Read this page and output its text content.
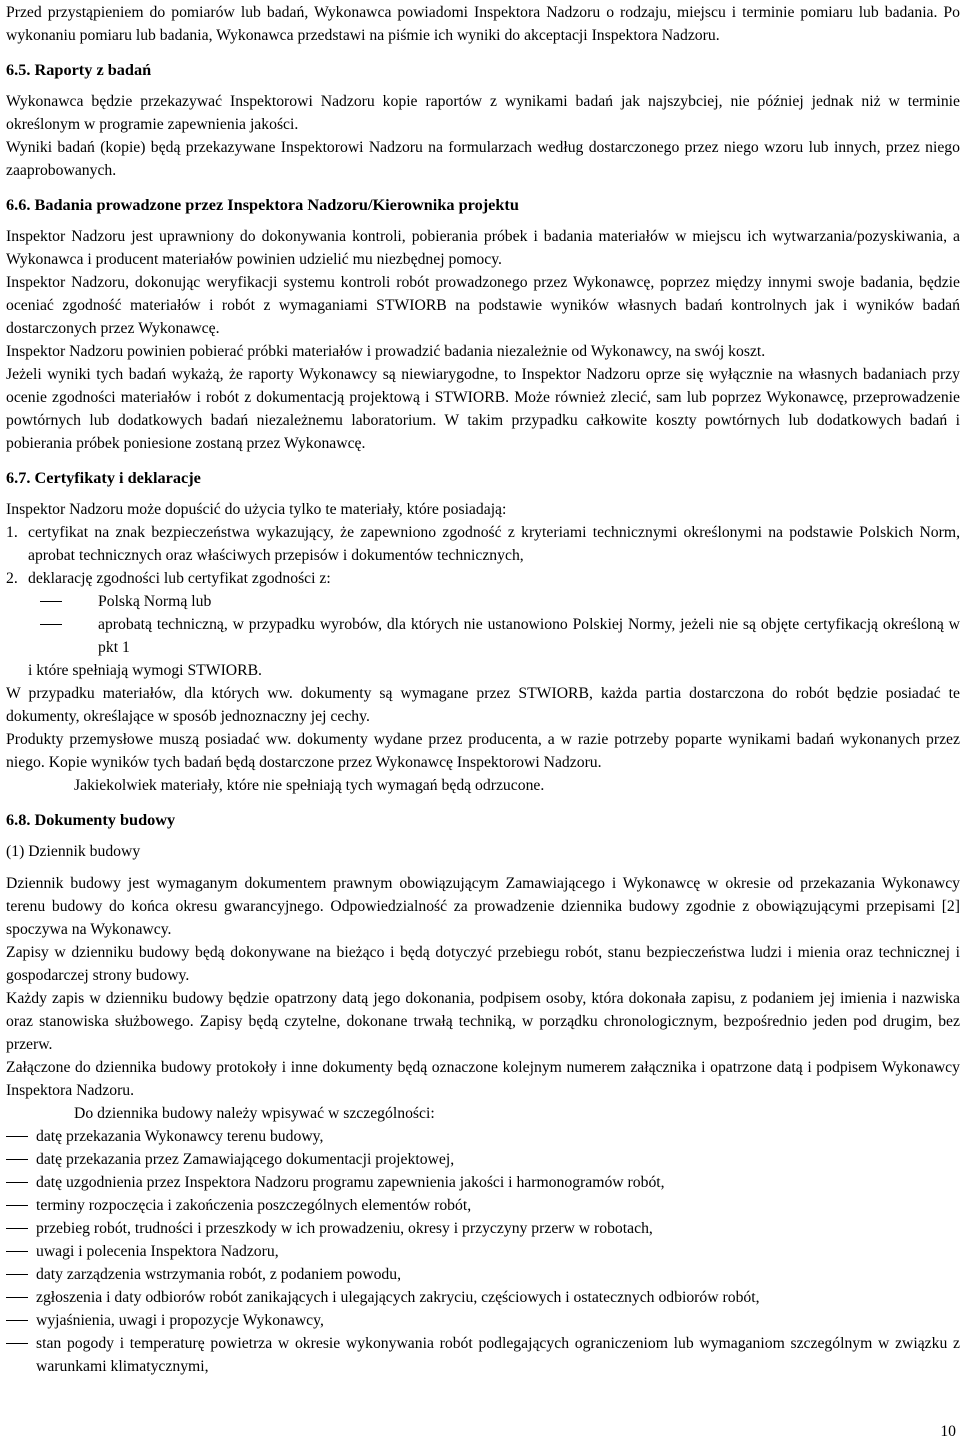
Przed przystąpieniem do pomiarów lub badań, Wykonawca powiadomi Inspektora Nadzoru o rodzaju, miejscu i terminie pomiaru lub badania. Po wykonaniu pomiaru lub badania, Wykonawca przedstawi na piśmie ich wyniki do akceptacji Inspektora Nadzoru.

6.5. Raporty z badań

Wykonawca będzie przekazywać Inspektorowi Nadzoru kopie raportów z wynikami badań jak najszybciej, nie później jednak niż w terminie określonym w programie zapewnienia jakości.

Wyniki badań (kopie) będą przekazywane Inspektorowi Nadzoru na formularzach według dostarczonego przez niego wzoru lub innych, przez niego zaaprobowanych.

6.6. Badania prowadzone przez Inspektora Nadzoru/Kierownika projektu

Inspektor Nadzoru jest uprawniony do dokonywania kontroli, pobierania próbek i badania materiałów w miejscu ich wytwarzania/pozyskiwania, a Wykonawca i producent materiałów powinien udzielić mu niezbędnej pomocy.

Inspektor Nadzoru, dokonując weryfikacji systemu kontroli robót prowadzonego przez Wykonawcę, poprzez między innymi swoje badania, będzie oceniać zgodność materiałów i robót z wymaganiami STWIORB na podstawie wyników własnych badań kontrolnych jak i wyników badań dostarczonych przez Wykonawcę.

Inspektor Nadzoru powinien pobierać próbki materiałów i prowadzić badania niezależnie od Wykonawcy, na swój koszt.

Jeżeli wyniki tych badań wykażą, że raporty Wykonawcy są niewiarygodne, to Inspektor Nadzoru oprze się wyłącznie na własnych badaniach przy ocenie zgodności materiałów i robót z dokumentacją projektową i STWIORB. Może również zlecić, sam lub poprzez Wykonawcę, przeprowadzenie powtórnych lub dodatkowych badań niezależnemu laboratorium. W takim przypadku całkowite koszty powtórnych lub dodatkowych badań i pobierania próbek poniesione zostaną przez Wykonawcę.

6.7. Certyfikaty i deklaracje

Inspektor Nadzoru może dopuścić do użycia tylko te materiały, które posiadają:

1. certyfikat na znak bezpieczeństwa wykazujący, że zapewniono zgodność z kryteriami technicznymi określonymi na podstawie Polskich Norm, aprobat technicznych oraz właściwych przepisów i dokumentów technicznych,
2. deklarację zgodności lub certyfikat zgodności z:
Polską Normą lub
aprobatą techniczną, w przypadku wyrobów, dla których nie ustanowiono Polskiej Normy, jeżeli nie są objęte certyfikacją określoną w pkt 1
i które spełniają wymogi STWIORB.

W przypadku materiałów, dla których ww. dokumenty są wymagane przez STWIORB, każda partia dostarczona do robót będzie posiadać te dokumenty, określające w sposób jednoznaczny jej cechy.

Produkty przemysłowe muszą posiadać ww. dokumenty wydane przez producenta, a w razie potrzeby poparte wynikami badań wykonanych przez niego. Kopie wyników tych badań będą dostarczone przez Wykonawcę Inspektorowi Nadzoru.

Jakiekolwiek materiały, które nie spełniają tych wymagań będą odrzucone.

6.8. Dokumenty budowy
(1) Dziennik budowy

Dziennik budowy jest wymaganym dokumentem prawnym obowiązującym Zamawiającego i Wykonawcę w okresie od przekazania Wykonawcy terenu budowy do końca okresu gwarancyjnego. Odpowiedzialność za prowadzenie dziennika budowy zgodnie z obowiązującymi przepisami [2] spoczywa na Wykonawcy.

Zapisy w dzienniku budowy będą dokonywane na bieżąco i będą dotyczyć przebiegu robót, stanu bezpieczeństwa ludzi i mienia oraz technicznej i gospodarczej strony budowy.

Każdy zapis w dzienniku budowy będzie opatrzony datą jego dokonania, podpisem osoby, która dokonała zapisu, z podaniem jej imienia i nazwiska oraz stanowiska służbowego. Zapisy będą czytelne, dokonane trwałą techniką, w porządku chronologicznym, bezpośrednio jeden pod drugim, bez przerw.

Załączone do dziennika budowy protokoły i inne dokumenty będą oznaczone kolejnym numerem załącznika i opatrzone datą i podpisem Wykonawcy Inspektora Nadzoru.

Do dziennika budowy należy wpisywać w szczególności:

datę przekazania Wykonawcy terenu budowy,
datę przekazania przez Zamawiającego dokumentacji projektowej,
datę uzgodnienia przez Inspektora Nadzoru programu zapewnienia jakości i harmonogramów robót,
terminy rozpoczęcia i zakończenia poszczególnych elementów robót,
przebieg robót, trudności i przeszkody w ich prowadzeniu, okresy i przyczyny przerw w robotach,
uwagi i polecenia Inspektora Nadzoru,
daty zarządzenia wstrzymania robót, z podaniem powodu,
zgłoszenia i daty odbiorów robót zanikających i ulegających zakryciu, częściowych i ostatecznych odbiorów robót,
wyjaśnienia, uwagi i propozycje Wykonawcy,
stan pogody i temperaturę powietrza w okresie wykonywania robót podlegających ograniczeniom lub wymaganiom szczególnym w związku z warunkami klimatycznymi,
10
